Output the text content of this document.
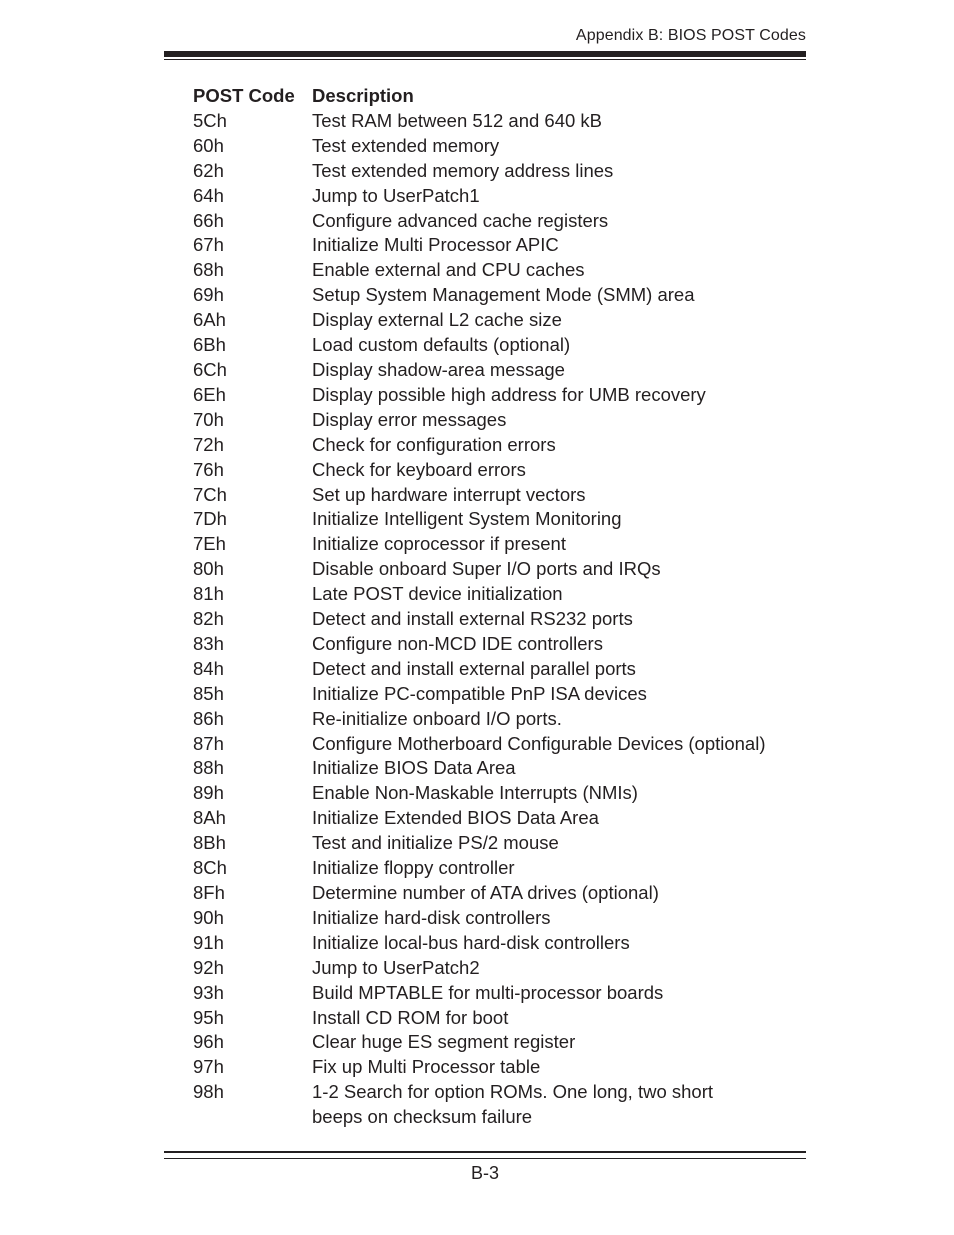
Appendix B: BIOS POST Codes
POST Code Description
5Ch	Test RAM between 512 and 640 kB
60h	Test extended memory
62h	Test extended memory address lines
64h	Jump to UserPatch1
66h	Configure advanced cache registers
67h	Initialize Multi Processor APIC
68h	Enable external and CPU caches
69h	Setup System Management Mode (SMM) area
6Ah	Display external L2 cache size
6Bh	Load custom defaults (optional)
6Ch	Display shadow-area message
6Eh	Display possible high address for UMB recovery
70h	Display error messages
72h	Check for configuration errors
76h	Check for keyboard errors
7Ch	Set up hardware interrupt vectors
7Dh	Initialize Intelligent System Monitoring
7Eh	Initialize coprocessor if present
80h	Disable onboard Super I/O ports and IRQs
81h	Late POST device initialization
82h	Detect and install external RS232 ports
83h	Configure non-MCD IDE controllers
84h	Detect and install external parallel ports
85h	Initialize PC-compatible PnP ISA devices
86h	Re-initialize onboard I/O ports.
87h	Configure Motherboard Configurable Devices (optional)
88h	Initialize BIOS Data Area
89h	Enable Non-Maskable Interrupts (NMIs)
8Ah	Initialize Extended BIOS Data Area
8Bh	Test and initialize PS/2 mouse
8Ch	Initialize floppy controller
8Fh	Determine number of ATA drives (optional)
90h	Initialize hard-disk controllers
91h	Initialize local-bus hard-disk controllers
92h	Jump to UserPatch2
93h	Build MPTABLE for multi-processor boards
95h	Install CD ROM for boot
96h	Clear huge ES segment register
97h	Fix up Multi Processor table
98h	1-2 Search for option ROMs. One long, two short
beeps on checksum failure
B-3
